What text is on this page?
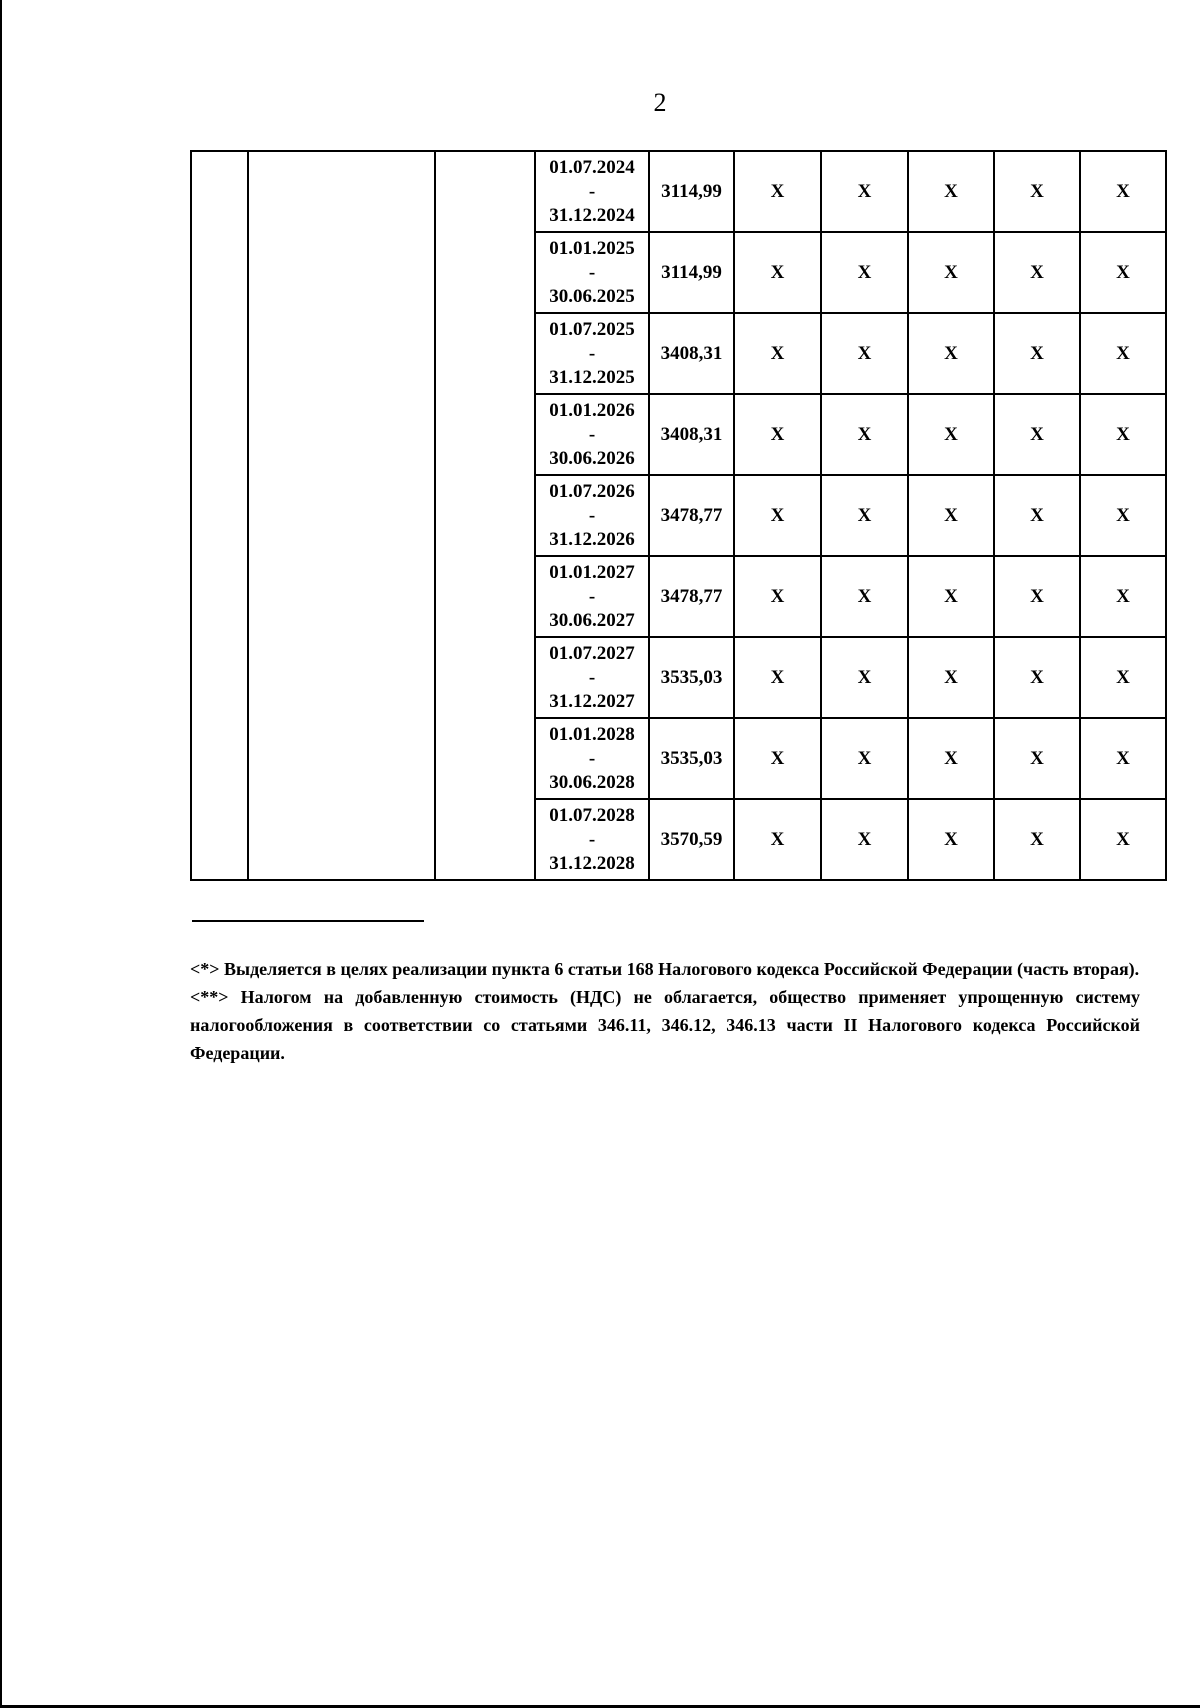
2

			01.07.2024
-
31.12.2024	3114,99	X	X	X	X	X

			01.01.2025
-
30.06.2025	3114,99	X	X	X	X	X

			01.07.2025
-
31.12.2025	3408,31	X	X	X	X	X

			01.01.2026
-
30.06.2026	3408,31	X	X	X	X	X

			01.07.2026
-
31.12.2026	3478,77	X	X	X	X	X

			01.01.2027
-
30.06.2027	3478,77	X	X	X	X	X

			01.07.2027
-
31.12.2027	3535,03	X	X	X	X	X

			01.01.2028
-
30.06.2028	3535,03	X	X	X	X	X

			01.07.2028
-
31.12.2028	3570,59	X	X	X	X	X

<*> Выделяется в целях реализации пункта 6 статьи 168 Налогового кодекса Российской Федерации (часть вторая).

<**> Налогом на добавленную стоимость (НДС) не облагается, общество применяет упрощенную систему налогообложения в соответствии со статьями 346.11, 346.12, 346.13 части II Налогового кодекса Российской Федерации.
